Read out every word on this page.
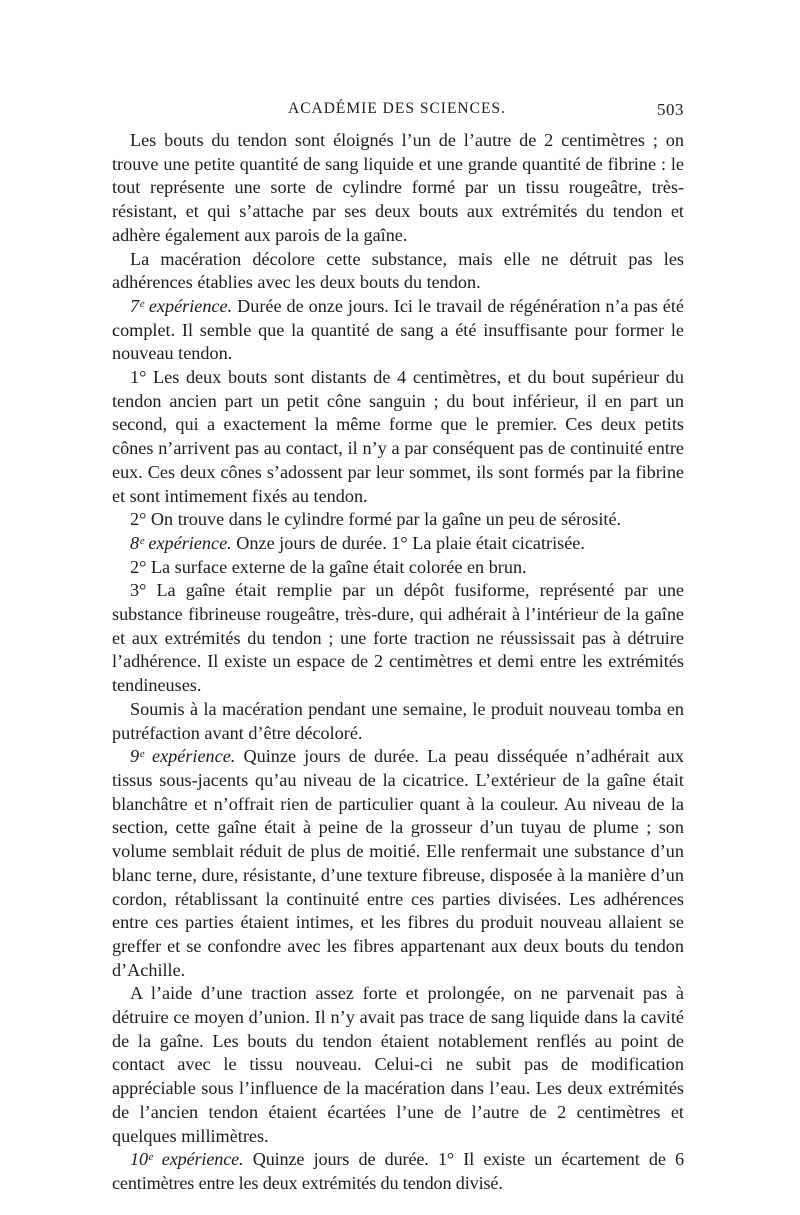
ACADÉMIE DES SCIENCES.	503

Les bouts du tendon sont éloignés l’un de l’autre de 2 centimètres ; on trouve une petite quantité de sang liquide et une grande quantité de fibrine : le tout représente une sorte de cylindre formé par un tissu rougeâtre, très-résistant, et qui s’attache par ses deux bouts aux extrémités du tendon et adhère également aux parois de la gaîne.

La macération décolore cette substance, mais elle ne détruit pas les adhérences établies avec les deux bouts du tendon.

7ᵉ expérience. Durée de onze jours. Ici le travail de régénération n’a pas été complet. Il semble que la quantité de sang a été insuffisante pour former le nouveau tendon.

1° Les deux bouts sont distants de 4 centimètres, et du bout supérieur du tendon ancien part un petit cône sanguin ; du bout inférieur, il en part un second, qui a exactement la même forme que le premier. Ces deux petits cônes n’arrivent pas au contact, il n’y a par conséquent pas de continuité entre eux. Ces deux cônes s’adossent par leur sommet, ils sont formés par la fibrine et sont intimement fixés au tendon.

2° On trouve dans le cylindre formé par la gaîne un peu de sérosité.

8ᵉ expérience. Onze jours de durée. 1° La plaie était cicatrisée.

2° La surface externe de la gaîne était colorée en brun.

3° La gaîne était remplie par un dépôt fusiforme, représenté par une substance fibrineuse rougeâtre, très-dure, qui adhérait à l’intérieur de la gaîne et aux extrémités du tendon ; une forte traction ne réussissait pas à détruire l’adhérence. Il existe un espace de 2 centimètres et demi entre les extrémités tendineuses.

Soumis à la macération pendant une semaine, le produit nouveau tomba en putréfaction avant d’être décoloré.

9ᵉ expérience. Quinze jours de durée. La peau disséquée n’adhérait aux tissus sous-jacents qu’au niveau de la cicatrice. L’extérieur de la gaîne était blanchâtre et n’offrait rien de particulier quant à la couleur. Au niveau de la section, cette gaîne était à peine de la grosseur d’un tuyau de plume ; son volume semblait réduit de plus de moitié. Elle renfermait une substance d’un blanc terne, dure, résistante, d’une texture fibreuse, disposée à la manière d’un cordon, rétablissant la continuité entre ces parties divisées. Les adhérences entre ces parties étaient intimes, et les fibres du produit nouveau allaient se greffer et se confondre avec les fibres appartenant aux deux bouts du tendon d’Achille.

A l’aide d’une traction assez forte et prolongée, on ne parvenait pas à détruire ce moyen d’union. Il n’y avait pas trace de sang liquide dans la cavité de la gaîne. Les bouts du tendon étaient notablement renflés au point de contact avec le tissu nouveau. Celui-ci ne subit pas de modification appréciable sous l’influence de la macération dans l’eau. Les deux extrémités de l’ancien tendon étaient écartées l’une de l’autre de 2 centimètres et quelques millimètres.

10ᵉ expérience. Quinze jours de durée. 1° Il existe un écartement de 6 centimètres entre les deux extrémités du tendon divisé.
